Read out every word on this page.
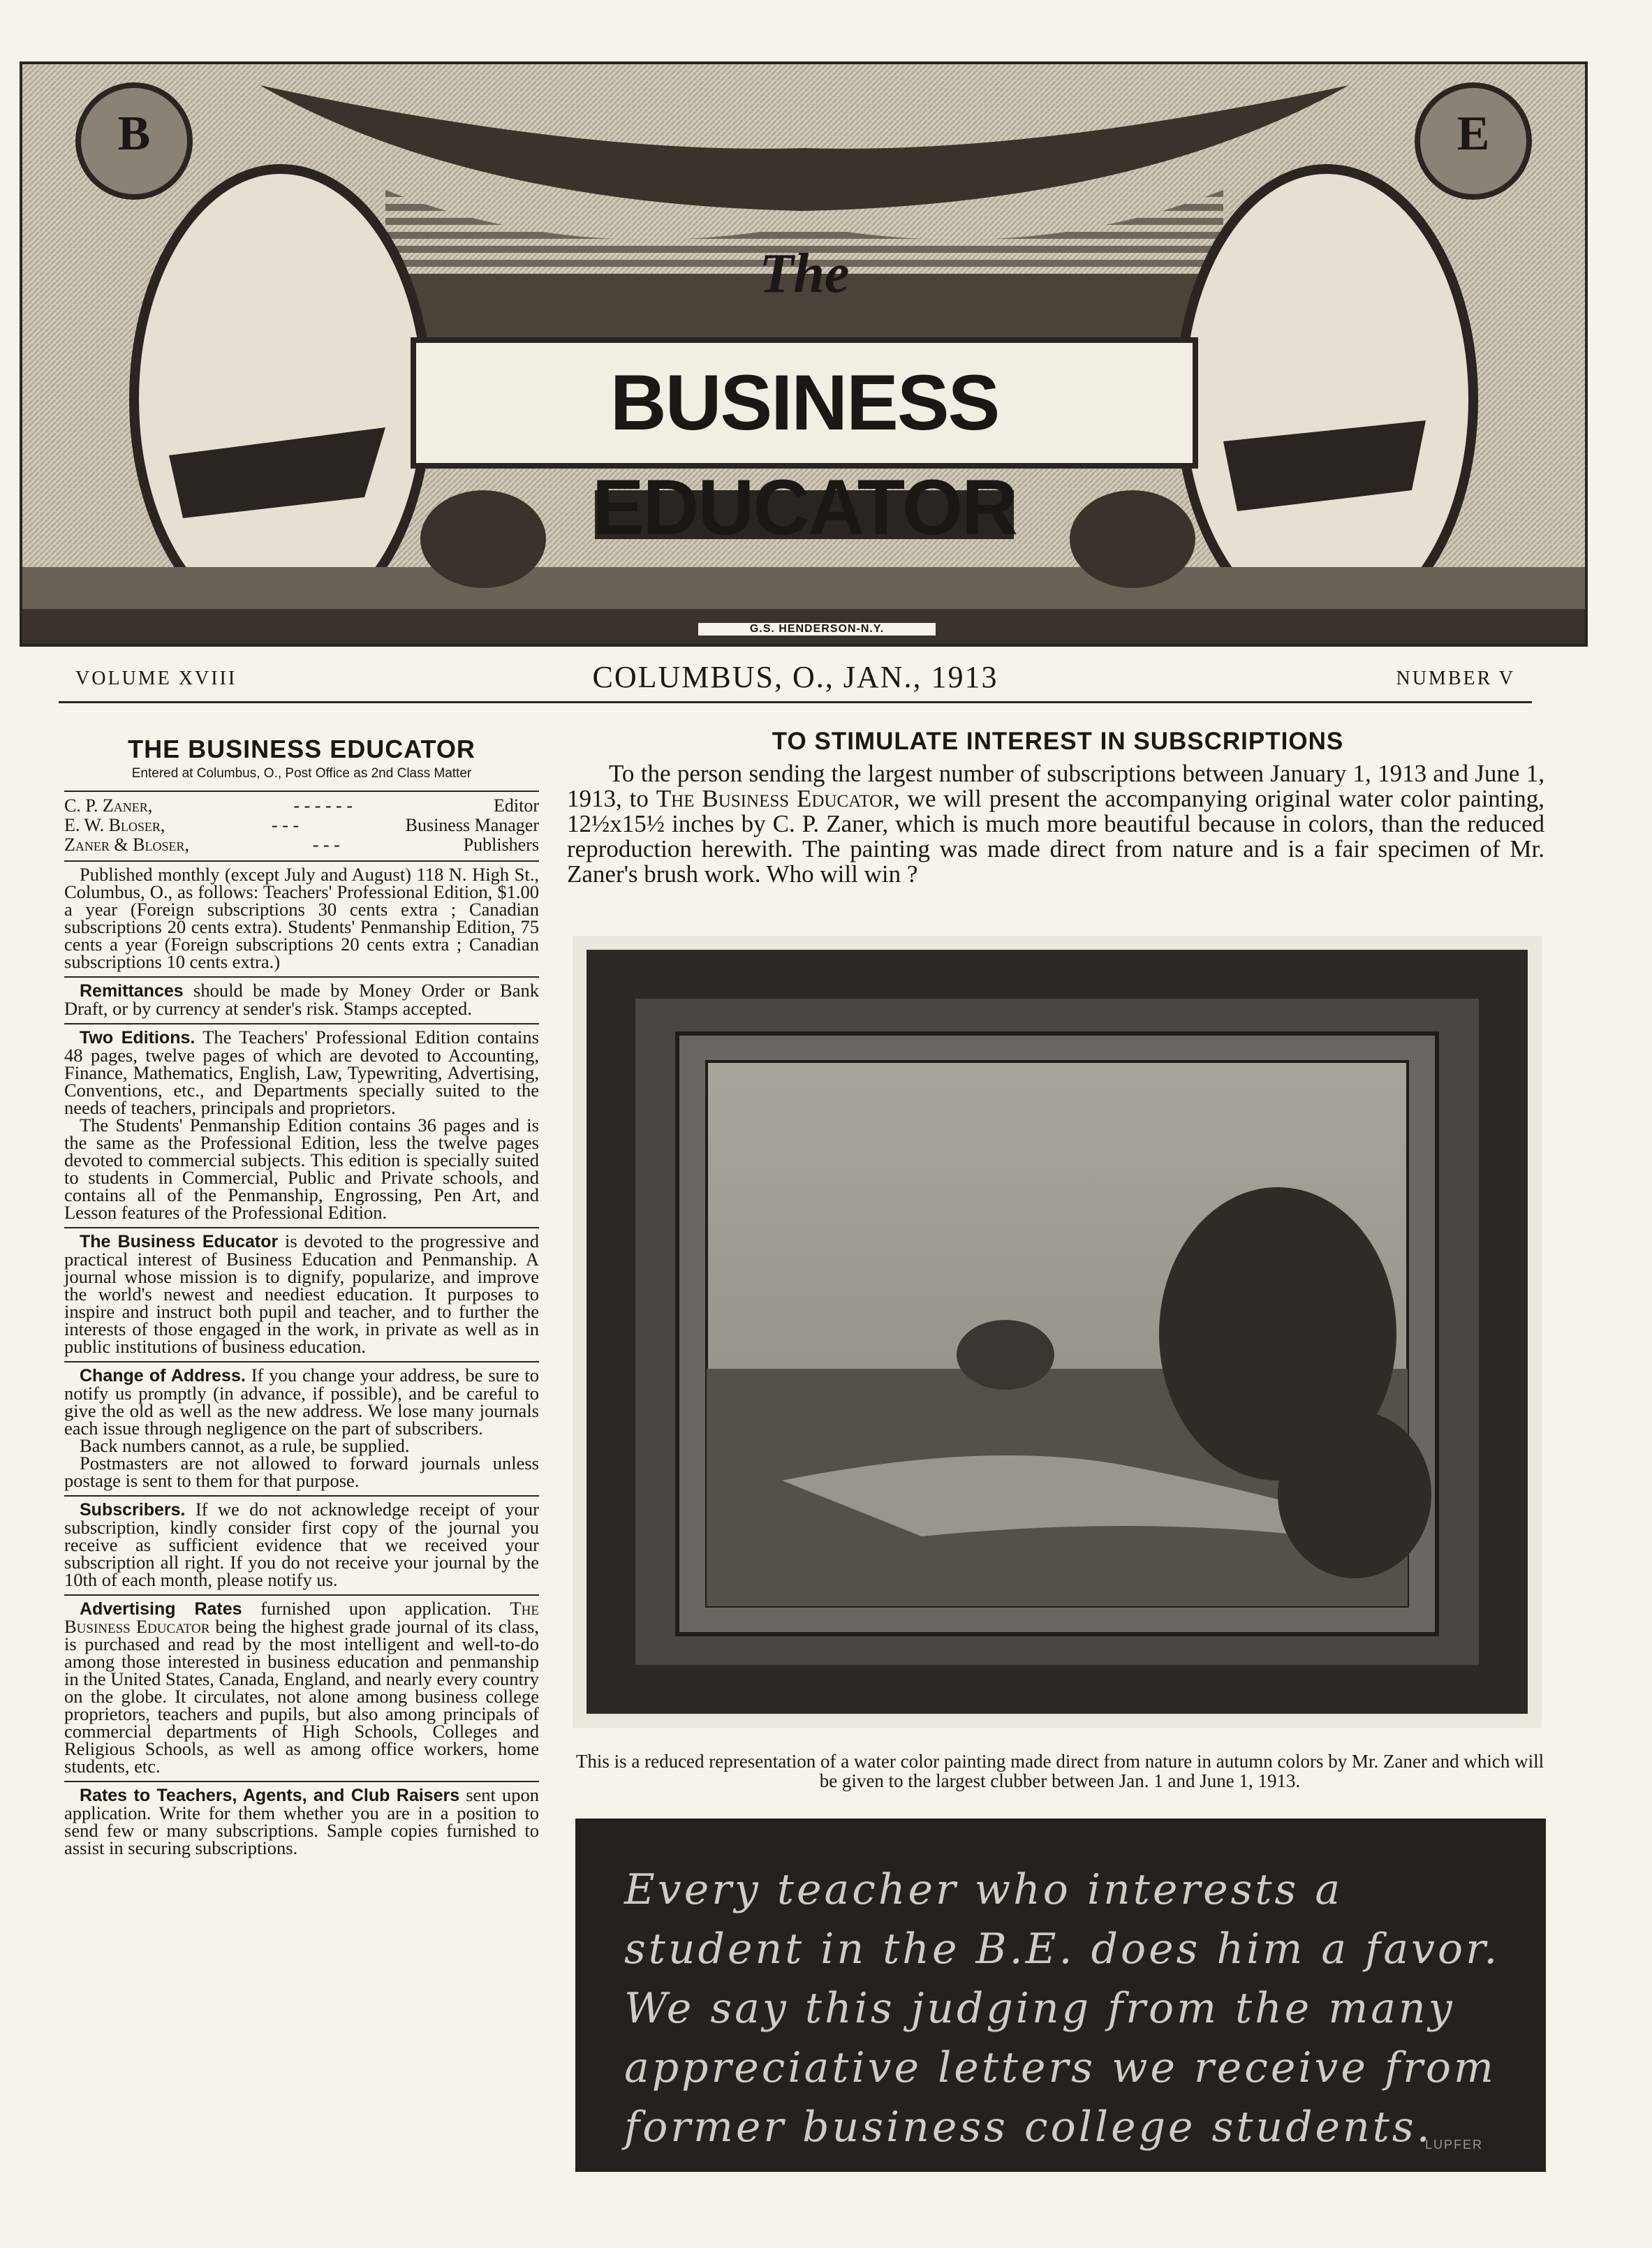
The
BUSINESS EDUCATOR
B	E
G.S. HENDERSON-N.Y.
VOLUME XVIII	COLUMBUS, O., JAN., 1913	NUMBER V
THE BUSINESS EDUCATOR
Entered at Columbus, O., Post Office as 2nd Class Matter
C. P. Zaner,	- - - - - -	Editor
E. W. Bloser,	- - -	Business Manager
Zaner & Bloser,	- - -	Publishers

Published monthly (except July and August) 118 N. High St., Columbus, O., as follows: Teachers' Professional Edition, $1.00 a year (Foreign subscriptions 30 cents extra ; Canadian subscriptions 20 cents extra). Students' Penmanship Edition, 75 cents a year (Foreign subscriptions 20 cents extra ; Canadian subscriptions 10 cents extra.)

Remittances should be made by Money Order or Bank Draft, or by currency at sender's risk. Stamps accepted.

Two Editions. The Teachers' Professional Edition contains 48 pages, twelve pages of which are devoted to Accounting, Finance, Mathematics, English, Law, Typewriting, Advertising, Conventions, etc., and Departments specially suited to the needs of teachers, principals and proprietors.

The Students' Penmanship Edition contains 36 pages and is the same as the Professional Edition, less the twelve pages devoted to commercial subjects. This edition is specially suited to students in Commercial, Public and Private schools, and contains all of the Penmanship, Engrossing, Pen Art, and Lesson features of the Professional Edition.

The Business Educator is devoted to the progressive and practical interest of Business Education and Penmanship. A journal whose mission is to dignify, popularize, and improve the world's newest and neediest education. It purposes to inspire and instruct both pupil and teacher, and to further the interests of those engaged in the work, in private as well as in public institutions of business education.

Change of Address. If you change your address, be sure to notify us promptly (in advance, if possible), and be careful to give the old as well as the new address. We lose many journals each issue through negligence on the part of subscribers.

Back numbers cannot, as a rule, be supplied.

Postmasters are not allowed to forward journals unless postage is sent to them for that purpose.

Subscribers. If we do not acknowledge receipt of your subscription, kindly consider first copy of the journal you receive as sufficient evidence that we received your subscription all right. If you do not receive your journal by the 10th of each month, please notify us.

Advertising Rates furnished upon application. The Business Educator being the highest grade journal of its class, is purchased and read by the most intelligent and well-to-do among those interested in business education and penmanship in the United States, Canada, England, and nearly every country on the globe. It circulates, not alone among business college proprietors, teachers and pupils, but also among principals of commercial departments of High Schools, Colleges and Religious Schools, as well as among office workers, home students, etc.

Rates to Teachers, Agents, and Club Raisers sent upon application. Write for them whether you are in a position to send few or many subscriptions. Sample copies furnished to assist in securing subscriptions.

TO STIMULATE INTEREST IN SUBSCRIPTIONS

To the person sending the largest number of subscriptions between January 1, 1913 and June 1, 1913, to The Business Educator, we will present the accompanying original water color painting, 12½x15½ inches by C. P. Zaner, which is much more beautiful because in colors, than the reduced reproduction herewith. The painting was made direct from nature and is a fair specimen of Mr. Zaner's brush work. Who will win ?

This is a reduced representation of a water color painting made direct from nature in autumn colors by Mr. Zaner and which will be given to the largest clubber between Jan. 1 and June 1, 1913.
Every teacher who interests a student in the B.E. does him a favor. We say this judging from the many appreciative letters we receive from former business college students.
LUPFER
